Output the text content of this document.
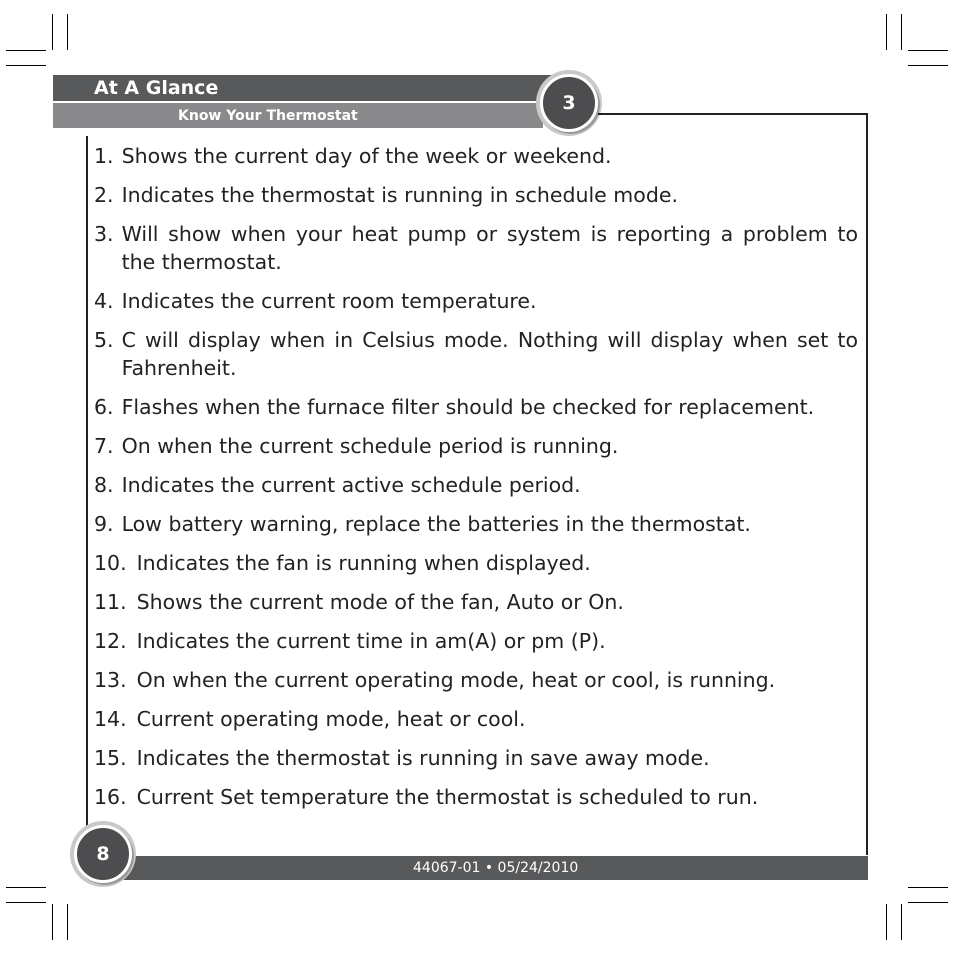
At A Glance
Know Your Thermostat
3
1. Shows the current day of the week or weekend.
2. Indicates the thermostat is running in schedule mode.
3. Will show when your heat pump or system is reporting a problem to the thermostat.
4. Indicates the current room temperature.
5. C will display when in Celsius mode. Nothing will display when set to Fahrenheit.
6. Flashes when the furnace filter should be checked for replacement.
7. On when the current schedule period is running.
8. Indicates the current active schedule period.
9. Low battery warning, replace the batteries in the thermostat.
10. Indicates the fan is running when displayed.
11. Shows the current mode of the fan, Auto or On.
12. Indicates the current time in am(A) or pm (P).
13. On when the current operating mode, heat or cool, is running.
14. Current operating mode, heat or cool.
15. Indicates the thermostat is running in save away mode.
16. Current Set temperature the thermostat is scheduled to run.
44067-01 • 05/24/2010
8
